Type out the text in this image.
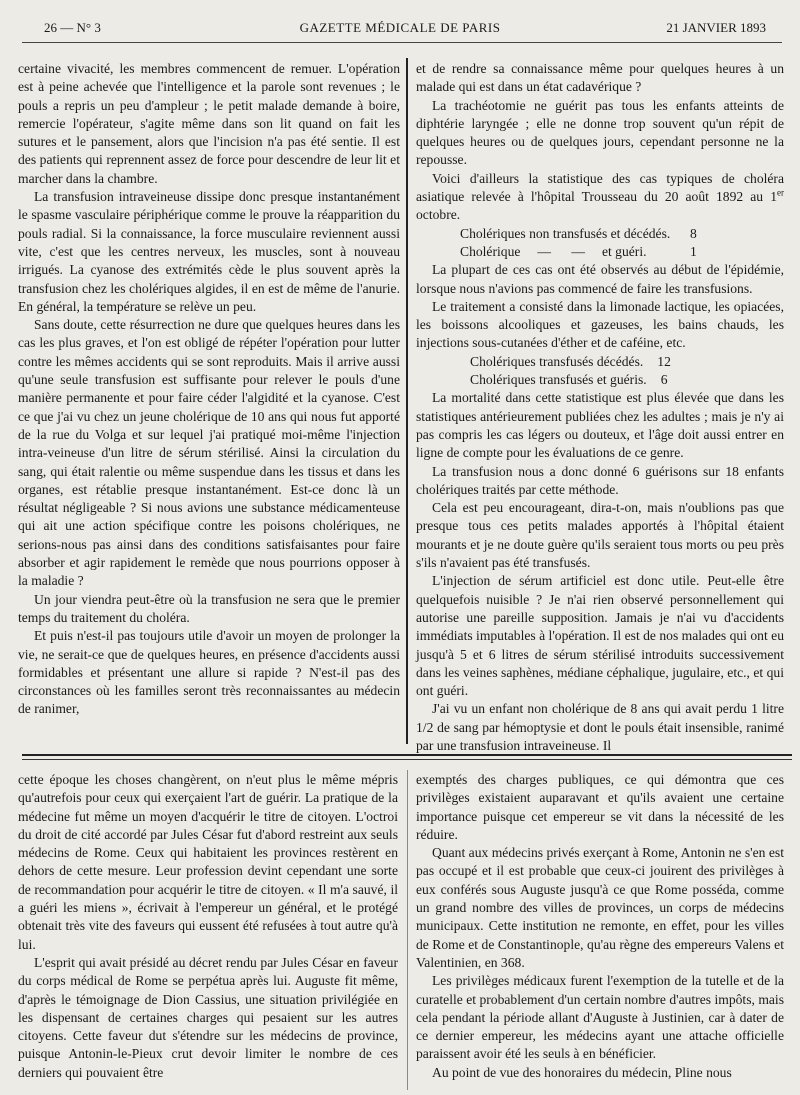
26 — N° 3	GAZETTE MÉDICALE DE PARIS	21 JANVIER 1893

certaine vivacité, les membres commencent de remuer. L'opération est à peine achevée que l'intelligence et la parole sont revenues ; le pouls a repris un peu d'ampleur ; le petit malade demande à boire, remercie l'opérateur, s'agite même dans son lit quand on fait les sutures et le pansement, alors que l'incision n'a pas été sentie. Il est des patients qui reprennent assez de force pour descendre de leur lit et marcher dans la chambre.

La transfusion intraveineuse dissipe donc presque instantanément le spasme vasculaire périphérique comme le prouve la réapparition du pouls radial. Si la connaissance, la force musculaire reviennent aussi vite, c'est que les centres nerveux, les muscles, sont à nouveau irrigués. La cyanose des extrémités cède le plus souvent après la transfusion chez les cholériques algides, il en est de même de l'anurie. En général, la température se relève un peu.

Sans doute, cette résurrection ne dure que quelques heures dans les cas les plus graves, et l'on est obligé de répéter l'opération pour lutter contre les mêmes accidents qui se sont reproduits. Mais il arrive aussi qu'une seule transfusion est suffisante pour relever le pouls d'une manière permanente et pour faire céder l'algidité et la cyanose. C'est ce que j'ai vu chez un jeune cholérique de 10 ans qui nous fut apporté de la rue du Volga et sur lequel j'ai pratiqué moi-même l'injection intra-veineuse d'un litre de sérum stérilisé. Ainsi la circulation du sang, qui était ralentie ou même suspendue dans les tissus et dans les organes, est rétablie presque instantanément. Est-ce donc là un résultat négligeable ? Si nous avions une substance médicamenteuse qui ait une action spécifique contre les poisons cholériques, ne serions-nous pas ainsi dans des conditions satisfaisantes pour faire absorber et agir rapidement le remède que nous pourrions opposer à la maladie ?

Un jour viendra peut-être où la transfusion ne sera que le premier temps du traitement du choléra.

Et puis n'est-il pas toujours utile d'avoir un moyen de prolonger la vie, ne serait-ce que de quelques heures, en présence d'accidents aussi formidables et présentant une allure si rapide ? N'est-il pas des circonstances où les familles seront très reconnaissantes au médecin de ranimer,

et de rendre sa connaissance même pour quelques heures à un malade qui est dans un état cadavérique ?

La trachéotomie ne guérit pas tous les enfants atteints de diphtérie laryngée ; elle ne donne trop souvent qu'un répit de quelques heures ou de quelques jours, cependant personne ne la repousse.

Voici d'ailleurs la statistique des cas typiques de choléra asiatique relevée à l'hôpital Trousseau du 20 août 1892 au 1er octobre.

Cholériques non transfusés et décédés.	8
Cholérique     —      —     et guéri.	1

La plupart de ces cas ont été observés au début de l'épidémie, lorsque nous n'avions pas commencé de faire les transfusions.

Le traitement a consisté dans la limonade lactique, les opiacées, les boissons alcooliques et gazeuses, les bains chauds, les injections sous-cutanées d'éther et de caféine, etc.

Cholériques transfusés décédés. 12
Cholériques transfusés et guéris. 6

La mortalité dans cette statistique est plus élevée que dans les statistiques antérieurement publiées chez les adultes ; mais je n'y ai pas compris les cas légers ou douteux, et l'âge doit aussi entrer en ligne de compte pour les évaluations de ce genre.

La transfusion nous a donc donné 6 guérisons sur 18 enfants cholériques traités par cette méthode.

Cela est peu encourageant, dira-t-on, mais n'oublions pas que presque tous ces petits malades apportés à l'hôpital étaient mourants et je ne doute guère qu'ils seraient tous morts ou peu près s'ils n'avaient pas été transfusés.

L'injection de sérum artificiel est donc utile. Peut-elle être quelquefois nuisible ? Je n'ai rien observé personnellement qui autorise une pareille supposition. Jamais je n'ai vu d'accidents immédiats imputables à l'opération. Il est de nos malades qui ont eu jusqu'à 5 et 6 litres de sérum stérilisé introduits successivement dans les veines saphènes, médiane céphalique, jugulaire, etc., et qui ont guéri.

J'ai vu un enfant non cholérique de 8 ans qui avait perdu 1 litre 1/2 de sang par hémoptysie et dont le pouls était insensible, ranimé par une transfusion intraveineuse. Il

cette époque les choses changèrent, on n'eut plus le même mépris qu'autrefois pour ceux qui exerçaient l'art de guérir. La pratique de la médecine fut même un moyen d'acquérir le titre de citoyen. L'octroi du droit de cité accordé par Jules César fut d'abord restreint aux seuls médecins de Rome. Ceux qui habitaient les provinces restèrent en dehors de cette mesure. Leur profession devint cependant une sorte de recommandation pour acquérir le titre de citoyen. « Il m'a sauvé, il a guéri les miens », écrivait à l'empereur un général, et le protégé obtenait très vite des faveurs qui eussent été refusées à tout autre qu'à lui.

L'esprit qui avait présidé au décret rendu par Jules César en faveur du corps médical de Rome se perpétua après lui. Auguste fit même, d'après le témoignage de Dion Cassius, une situation privilégiée en les dispensant de certaines charges qui pesaient sur les autres citoyens. Cette faveur dut s'étendre sur les médecins de province, puisque Antonin-le-Pieux crut devoir limiter le nombre de ces derniers qui pouvaient être

exemptés des charges publiques, ce qui démontra que ces privilèges existaient auparavant et qu'ils avaient une certaine importance puisque cet empereur se vit dans la nécessité de les réduire.

Quant aux médecins privés exerçant à Rome, Antonin ne s'en est pas occupé et il est probable que ceux-ci jouirent des privilèges à eux conférés sous Auguste jusqu'à ce que Rome posséda, comme un grand nombre des villes de provinces, un corps de médecins municipaux. Cette institution ne remonte, en effet, pour les villes de Rome et de Constantinople, qu'au règne des empereurs Valens et Valentinien, en 368.

Les privilèges médicaux furent l'exemption de la tutelle et de la curatelle et probablement d'un certain nombre d'autres impôts, mais cela pendant la période allant d'Auguste à Justinien, car à dater de ce dernier empereur, les médecins ayant une attache officielle paraissent avoir été les seuls à en bénéficier.

Au point de vue des honoraires du médecin, Pline nous
